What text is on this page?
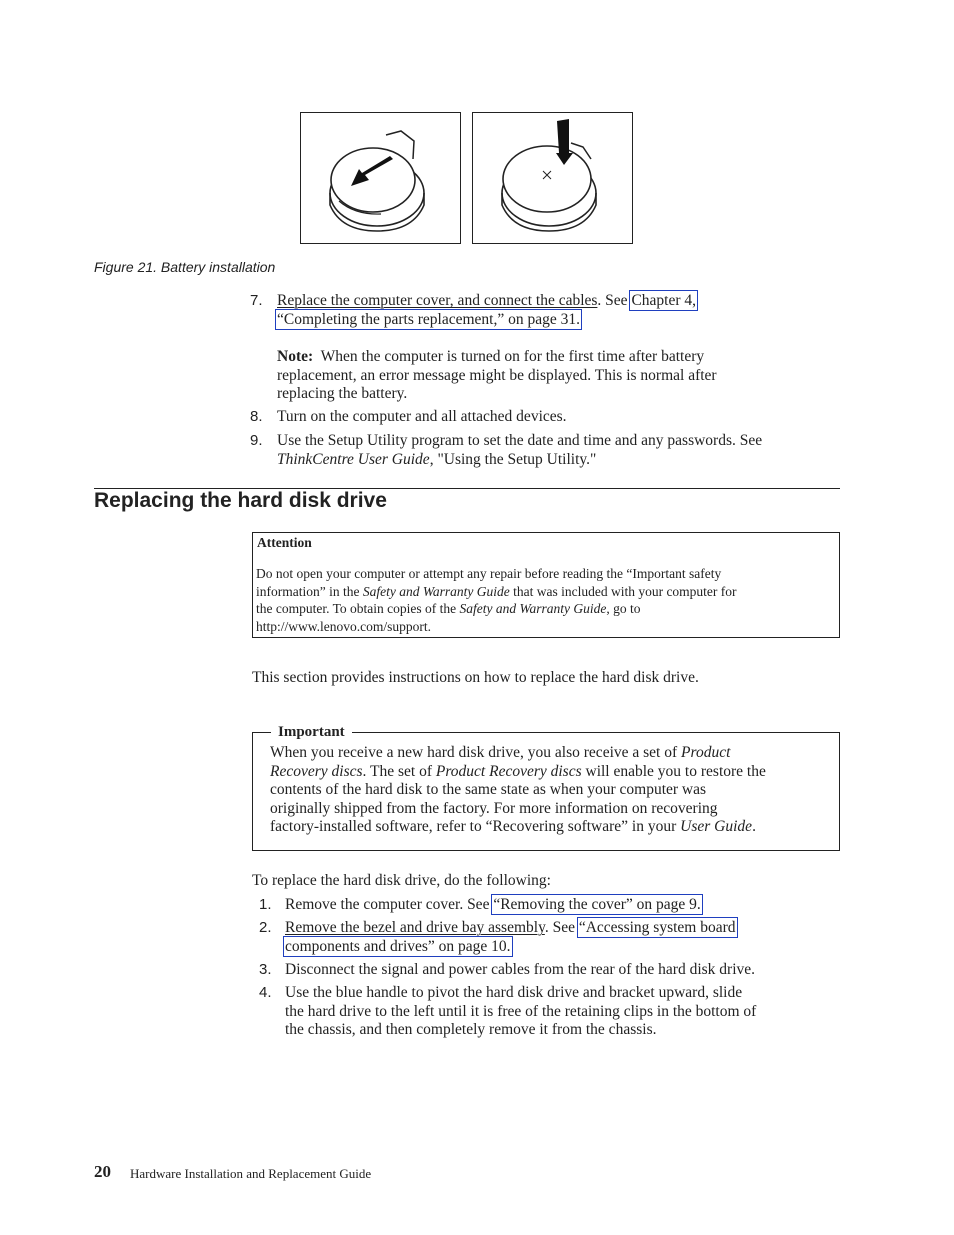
Figure 21. Battery installation
7. Replace the computer cover, and connect the cables. See Chapter 4,
“Completing the parts replacement,” on page 31.
Note: When the computer is turned on for the first time after battery
replacement, an error message might be displayed. This is normal after
replacing the battery.
8. Turn on the computer and all attached devices.
9. Use the Setup Utility program to set the date and time and any passwords. See
ThinkCentre User Guide, "Using the Setup Utility."
Replacing the hard disk drive
Attention
Do not open your computer or attempt any repair before reading the “Important safety
information” in the Safety and Warranty Guide that was included with your computer for
the computer. To obtain copies of the Safety and Warranty Guide, go to
http://www.lenovo.com/support.
This section provides instructions on how to replace the hard disk drive.
Important
When you receive a new hard disk drive, you also receive a set of Product
Recovery discs. The set of Product Recovery discs will enable you to restore the
contents of the hard disk to the same state as when your computer was
originally shipped from the factory. For more information on recovering
factory-installed software, refer to “Recovering software” in your User Guide.
To replace the hard disk drive, do the following:
1. Remove the computer cover. See “Removing the cover” on page 9.
2. Remove the bezel and drive bay assembly. See “Accessing system board
components and drives” on page 10.
3. Disconnect the signal and power cables from the rear of the hard disk drive.
4. Use the blue handle to pivot the hard disk drive and bracket upward, slide
the hard drive to the left until it is free of the retaining clips in the bottom of
the chassis, and then completely remove it from the chassis.
20 Hardware Installation and Replacement Guide
